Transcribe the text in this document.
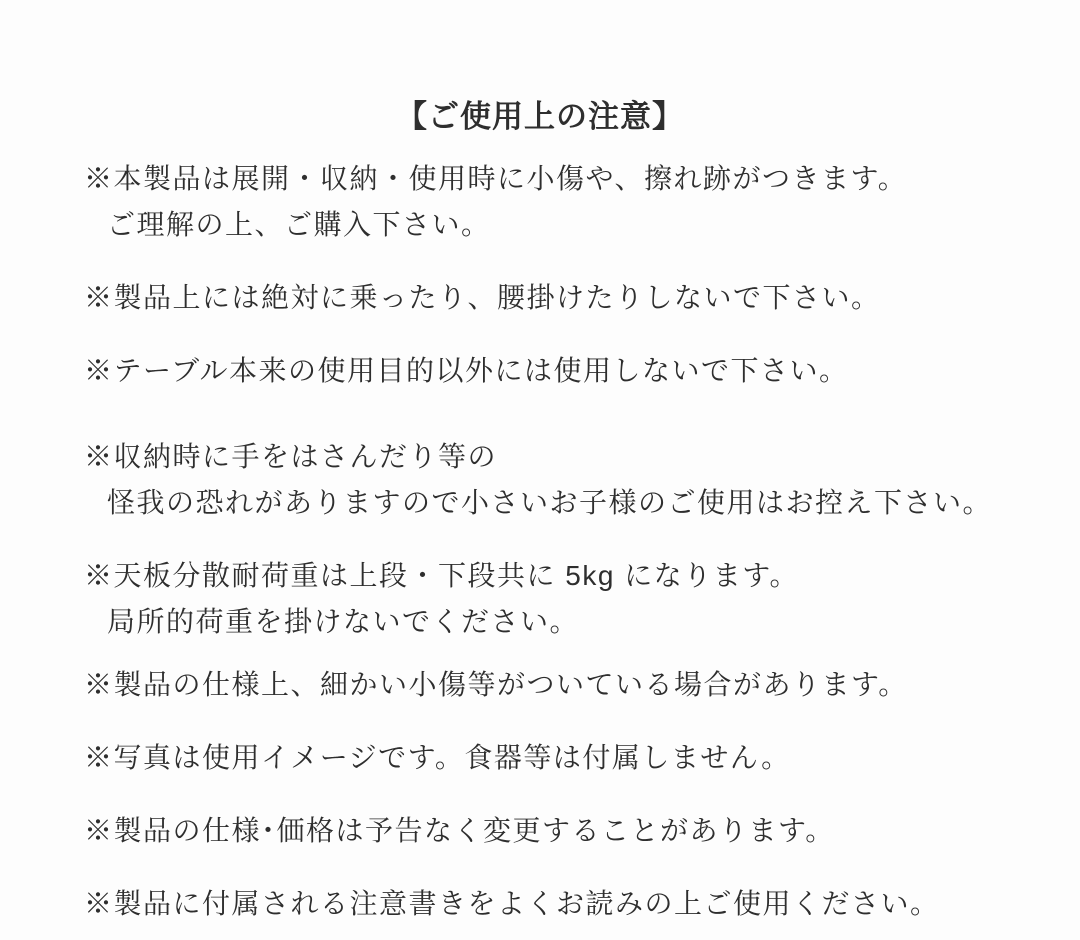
【ご使用上の注意】

※本製品は展開・収納・使用時に小傷や、擦れ跡がつきます。

ご理解の上、ご購入下さい。

※製品上には絶対に乗ったり、腰掛けたりしないで下さい。

※テーブル本来の使用目的以外には使用しないで下さい。

※収納時に手をはさんだり等の

怪我の恐れがありますので小さいお子様のご使用はお控え下さい。

※天板分散耐荷重は上段・下段共に 5kg になります。

局所的荷重を掛けないでください。

※製品の仕様上、細かい小傷等がついている場合があります。

※写真は使用イメージです。食器等は付属しません。

※製品の仕様･価格は予告なく変更することがあります。

※製品に付属される注意書きをよくお読みの上ご使用ください。
